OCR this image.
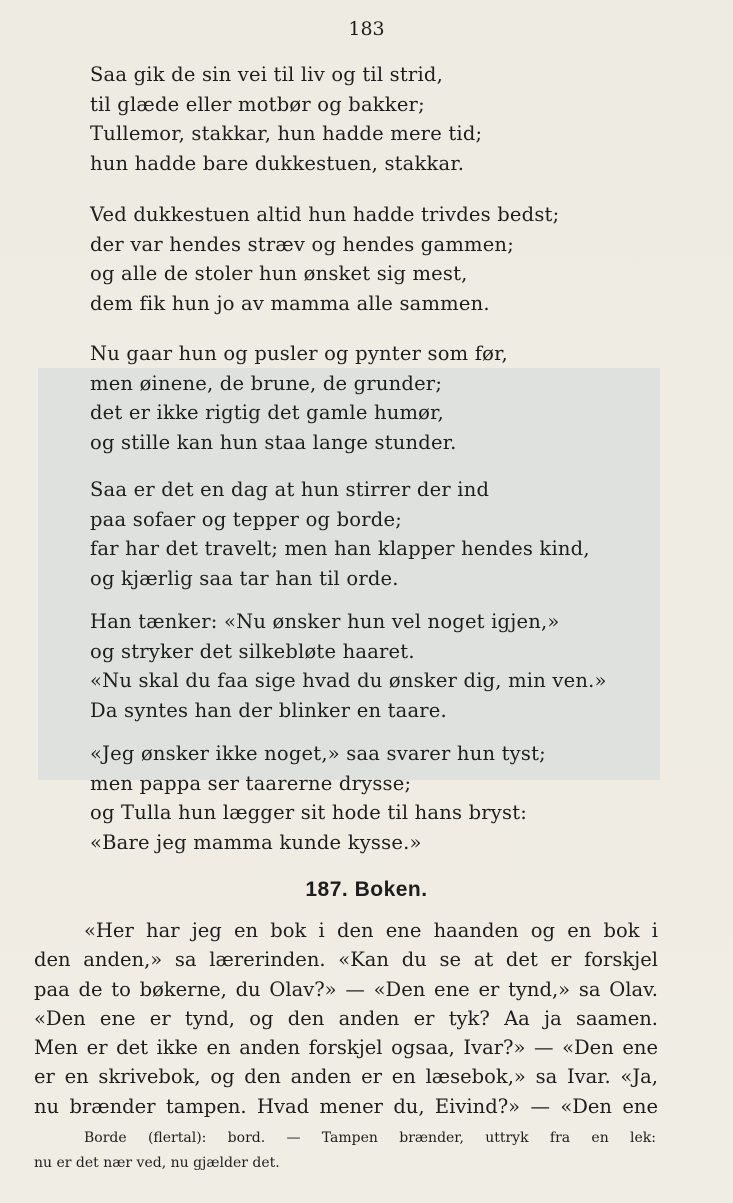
183
Saa gik de sin vei til liv og til strid,
til glæde eller motbør og bakker;
Tullemor, stakkar, hun hadde mere tid;
hun hadde bare dukkestuen, stakkar.
Ved dukkestuen altid hun hadde trivdes bedst;
der var hendes stræv og hendes gammen;
og alle de stoler hun ønsket sig mest,
dem fik hun jo av mamma alle sammen.
Nu gaar hun og pusler og pynter som før,
men øinene, de brune, de grunder;
det er ikke rigtig det gamle humør,
og stille kan hun staa lange stunder.
Saa er det en dag at hun stirrer der ind
paa sofaer og tepper og borde;
far har det travelt; men han klapper hendes kind,
og kjærlig saa tar han til orde.
Han tænker: «Nu ønsker hun vel noget igjen,»
og stryker det silkebløte haaret.
«Nu skal du faa sige hvad du ønsker dig, min ven.»
Da syntes han der blinker en taare.
«Jeg ønsker ikke noget,» saa svarer hun tyst;
men pappa ser taarerne drysse;
og Tulla hun lægger sit hode til hans bryst:
«Bare jeg mamma kunde kysse.»
187. Boken.
«Her har jeg en bok i den ene haanden og en bok i
den anden,» sa lærerinden. «Kan du se at det er forskjel
paa de to bøkerne, du Olav?» — «Den ene er tynd,» sa Olav.
«Den ene er tynd, og den anden er tyk? Aa ja saamen.
Men er det ikke en anden forskjel ogsaa, Ivar?» — «Den ene
er en skrivebok, og den anden er en læsebok,» sa Ivar. «Ja,
nu brænder tampen. Hvad mener du, Eivind?» — «Den ene
Borde (flertal): bord. — Tampen brænder, uttryk fra en lek:
nu er det nær ved, nu gjælder det.
